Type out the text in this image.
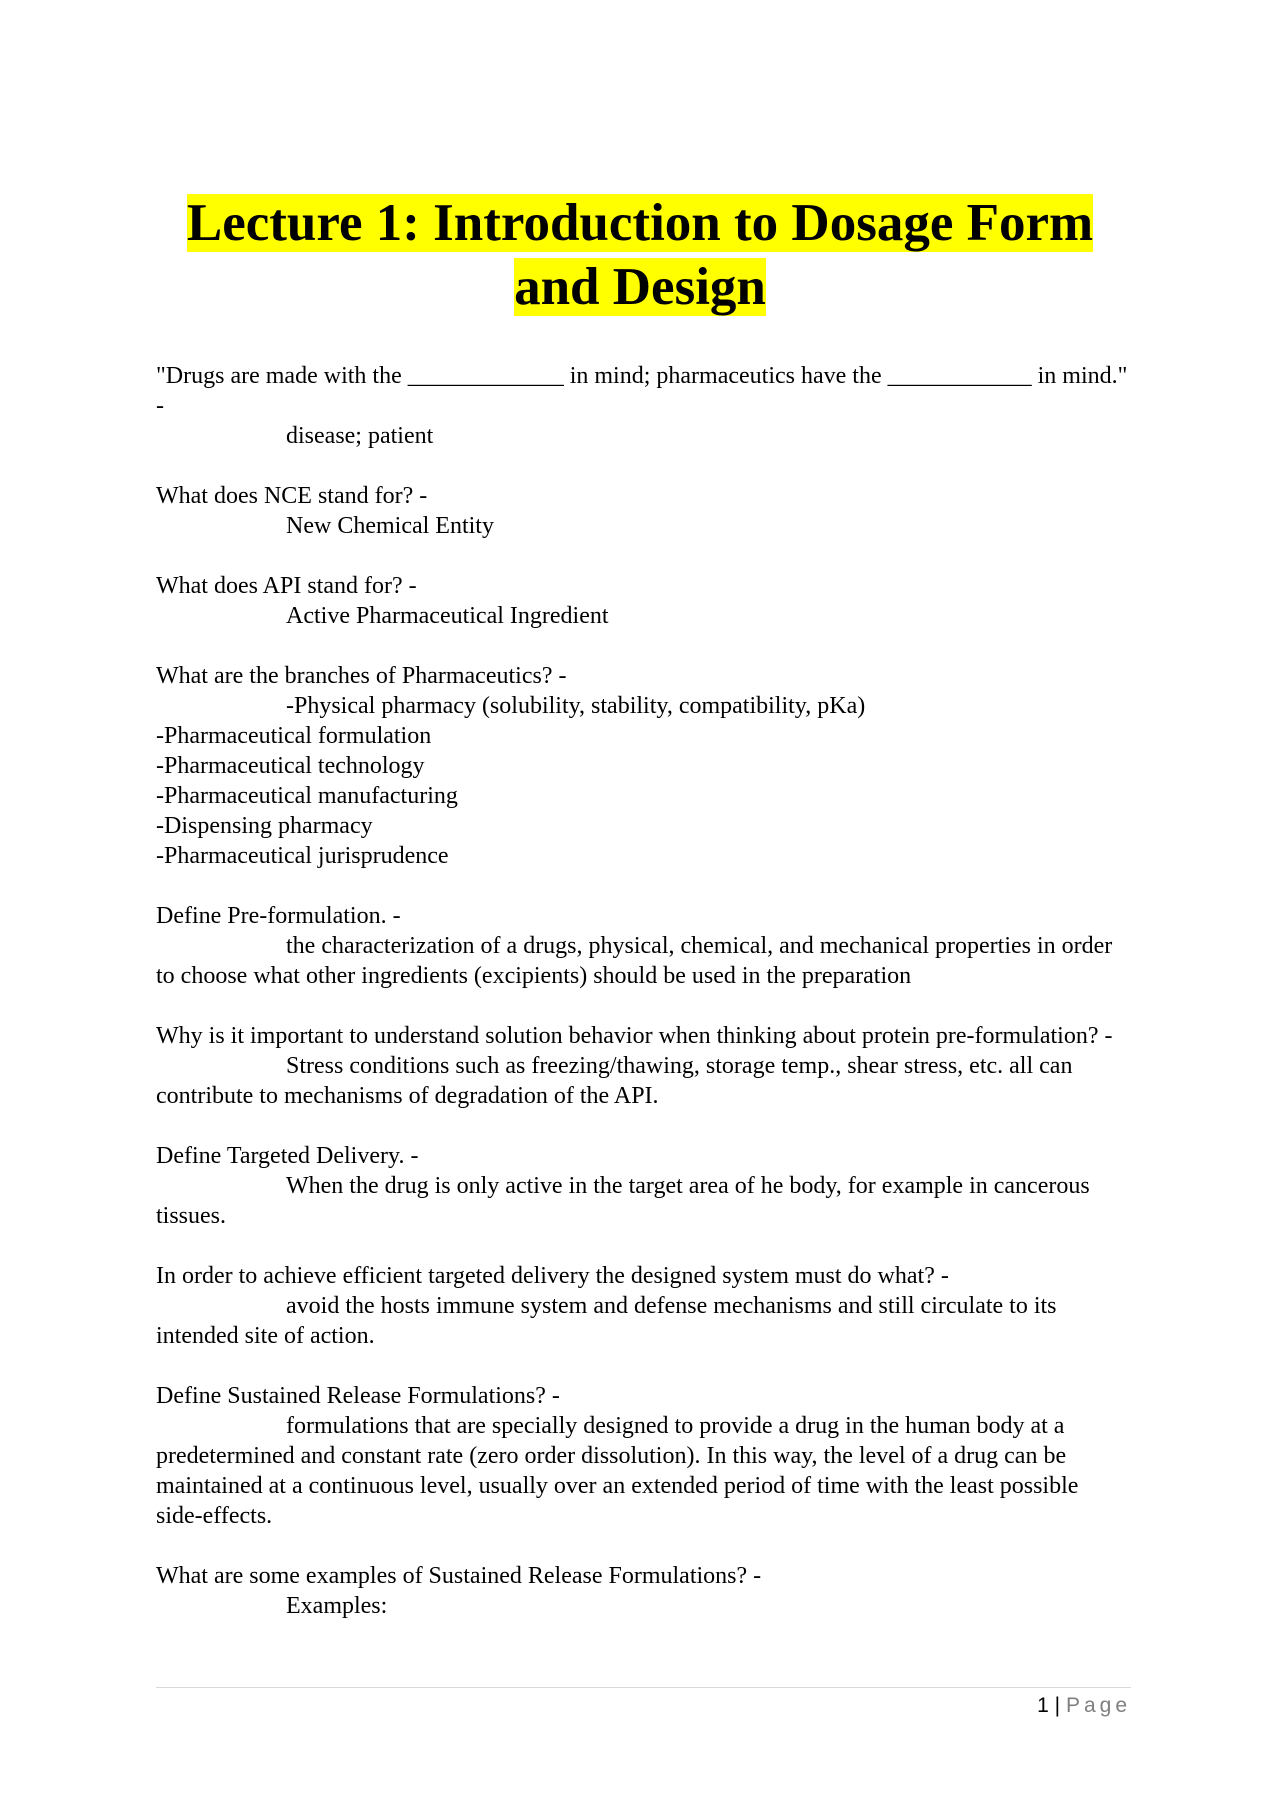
Lecture 1: Introduction to Dosage Form
and Design

"Drugs are made with the _____________ in mind; pharmaceutics have the ____________ in mind." -

disease; patient

What does NCE stand for? -

New Chemical Entity

What does API stand for? -

Active Pharmaceutical Ingredient

What are the branches of Pharmaceutics? -

-Physical pharmacy (solubility, stability, compatibility, pKa)

-Pharmaceutical formulation

-Pharmaceutical technology

-Pharmaceutical manufacturing

-Dispensing pharmacy

-Pharmaceutical jurisprudence

Define Pre-formulation. -

the characterization of a drugs, physical, chemical, and mechanical properties in order to choose what other ingredients (excipients) should be used in the preparation

Why is it important to understand solution behavior when thinking about protein pre-formulation? -

Stress conditions such as freezing/thawing, storage temp., shear stress, etc. all can contribute to mechanisms of degradation of the API.

Define Targeted Delivery. -

When the drug is only active in the target area of he body, for example in cancerous tissues.

In order to achieve efficient targeted delivery the designed system must do what? -

avoid the hosts immune system and defense mechanisms and still circulate to its intended site of action.

Define Sustained Release Formulations? -

formulations that are specially designed to provide a drug in the human body at a predetermined and constant rate (zero order dissolution). In this way, the level of a drug can be maintained at a continuous level, usually over an extended period of time with the least possible side-effects.

What are some examples of Sustained Release Formulations? -

Examples:

1 | Page
